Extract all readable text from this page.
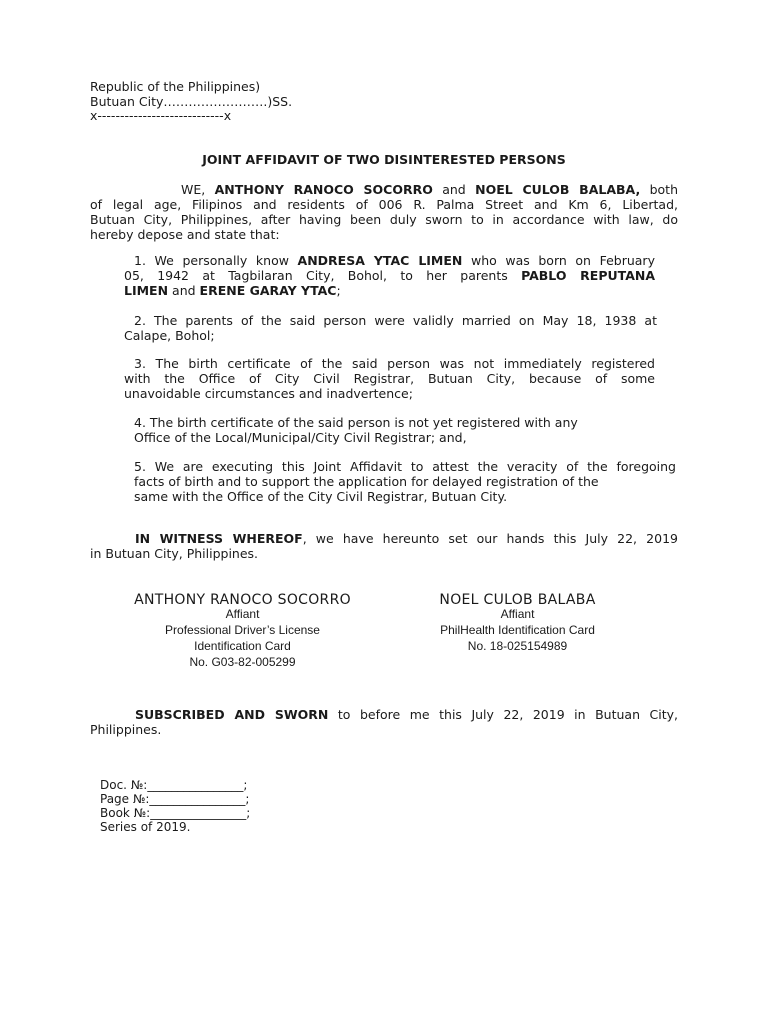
Republic of the Philippines)
Butuan City…………………….)SS.
x----------------------------x
JOINT AFFIDAVIT OF TWO DISINTERESTED PERSONS
WE, ANTHONY RANOCO SOCORRO and NOEL CULOB BALABA, both
of legal age, Filipinos and residents of 006 R. Palma Street and Km 6, Libertad,
Butuan City, Philippines, after having been duly sworn to in accordance with law, do
hereby depose and state that:
1. We personally know ANDRESA YTAC LIMEN who was born on February
05, 1942 at Tagbilaran City, Bohol, to her parents PABLO REPUTANA
LIMEN and ERENE GARAY YTAC;
2. The parents of the said person were validly married on May 18, 1938 at
Calape, Bohol;
3. The birth certificate of the said person was not immediately registered
with the Office of City Civil Registrar, Butuan City, because of some
unavoidable circumstances and inadvertence;
4. The birth certificate of the said person is not yet registered with any
Office of the Local/Municipal/City Civil Registrar; and,
5. We are executing this Joint Affidavit to attest the veracity of the foregoing
facts of birth and to support the application for delayed registration of the
same with the Office of the City Civil Registrar, Butuan City.
IN WITNESS WHEREOF, we have hereunto set our hands this July 22, 2019
in Butuan City, Philippines.
ANTHONY RANOCO SOCORRO
Affiant
Professional Driver’s License
Identification Card
No. G03-82-005299
NOEL CULOB BALABA
Affiant
PhilHealth Identification Card
No. 18-025154989
SUBSCRIBED AND SWORN to before me this July 22, 2019 in Butuan City,
Philippines.
Doc. №:________________;
Page №:________________;
Book №:________________;
Series of 2019.
